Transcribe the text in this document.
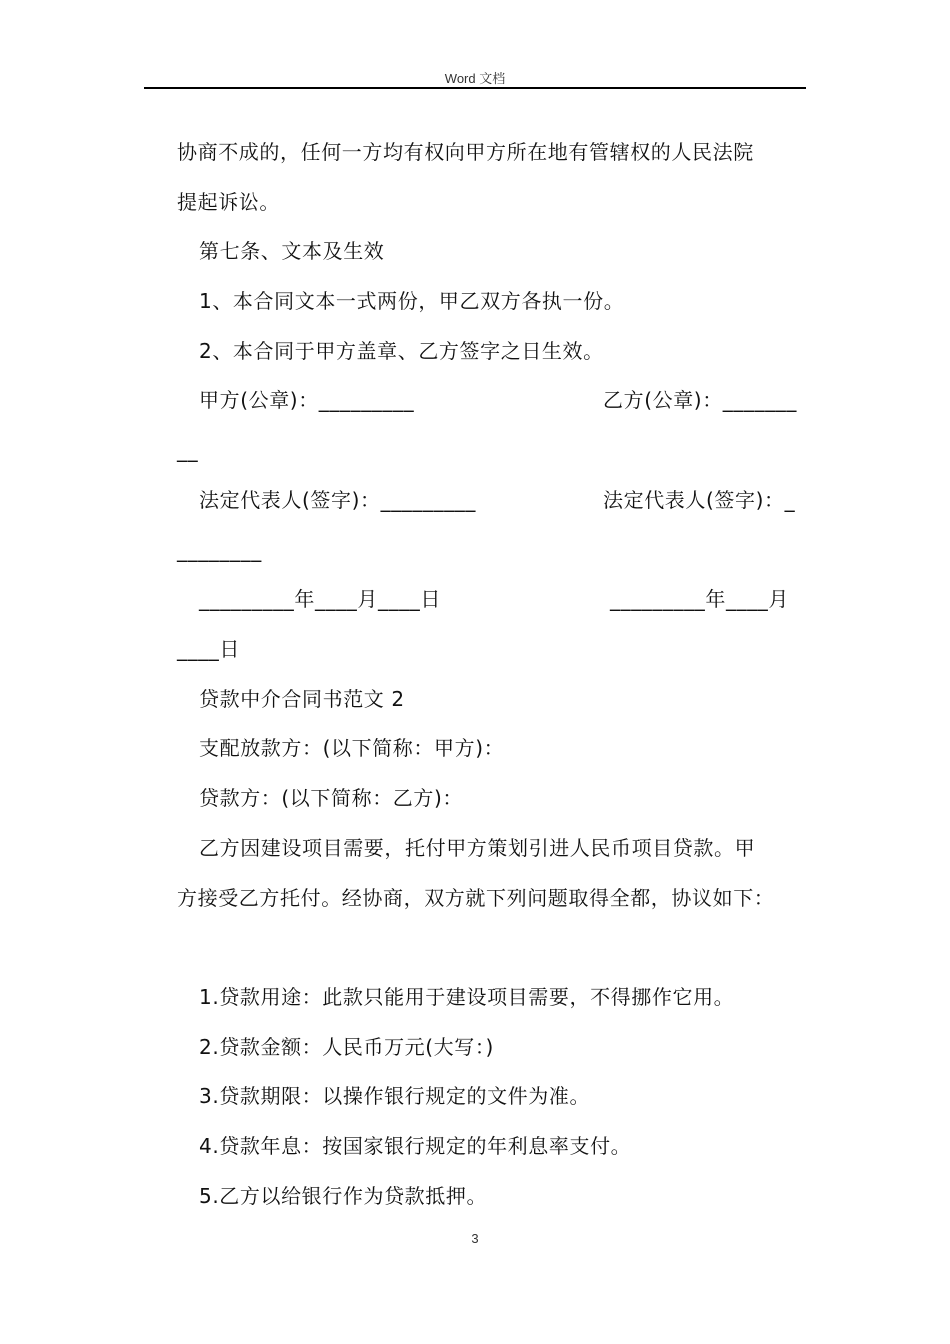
Word 文档
协商不成的，任何一方均有权向甲方所在地有管辖权的人民法院
提起诉讼。
第七条、文本及生效
1、本合同文本一式两份，甲乙双方各执一份。
2、本合同于甲方盖章、乙方签字之日生效。
甲方(公章)：_________	乙方(公章)：_______
__
法定代表人(签字)：_________	法定代表人(签字)：_
________
_________年____月____日	_________年____月
____日
贷款中介合同书范文 2
支配放款方：(以下简称：甲方)：
贷款方：(以下简称：乙方)：
乙方因建设项目需要，托付甲方策划引进人民币项目贷款。甲
方接受乙方托付。经协商，双方就下列问题取得全都，协议如下：
1.贷款用途：此款只能用于建设项目需要，不得挪作它用。
2.贷款金额：人民币万元(大写：)
3.贷款期限：以操作银行规定的文件为准。
4.贷款年息：按国家银行规定的年利息率支付。
5.乙方以给银行作为贷款抵押。
3
